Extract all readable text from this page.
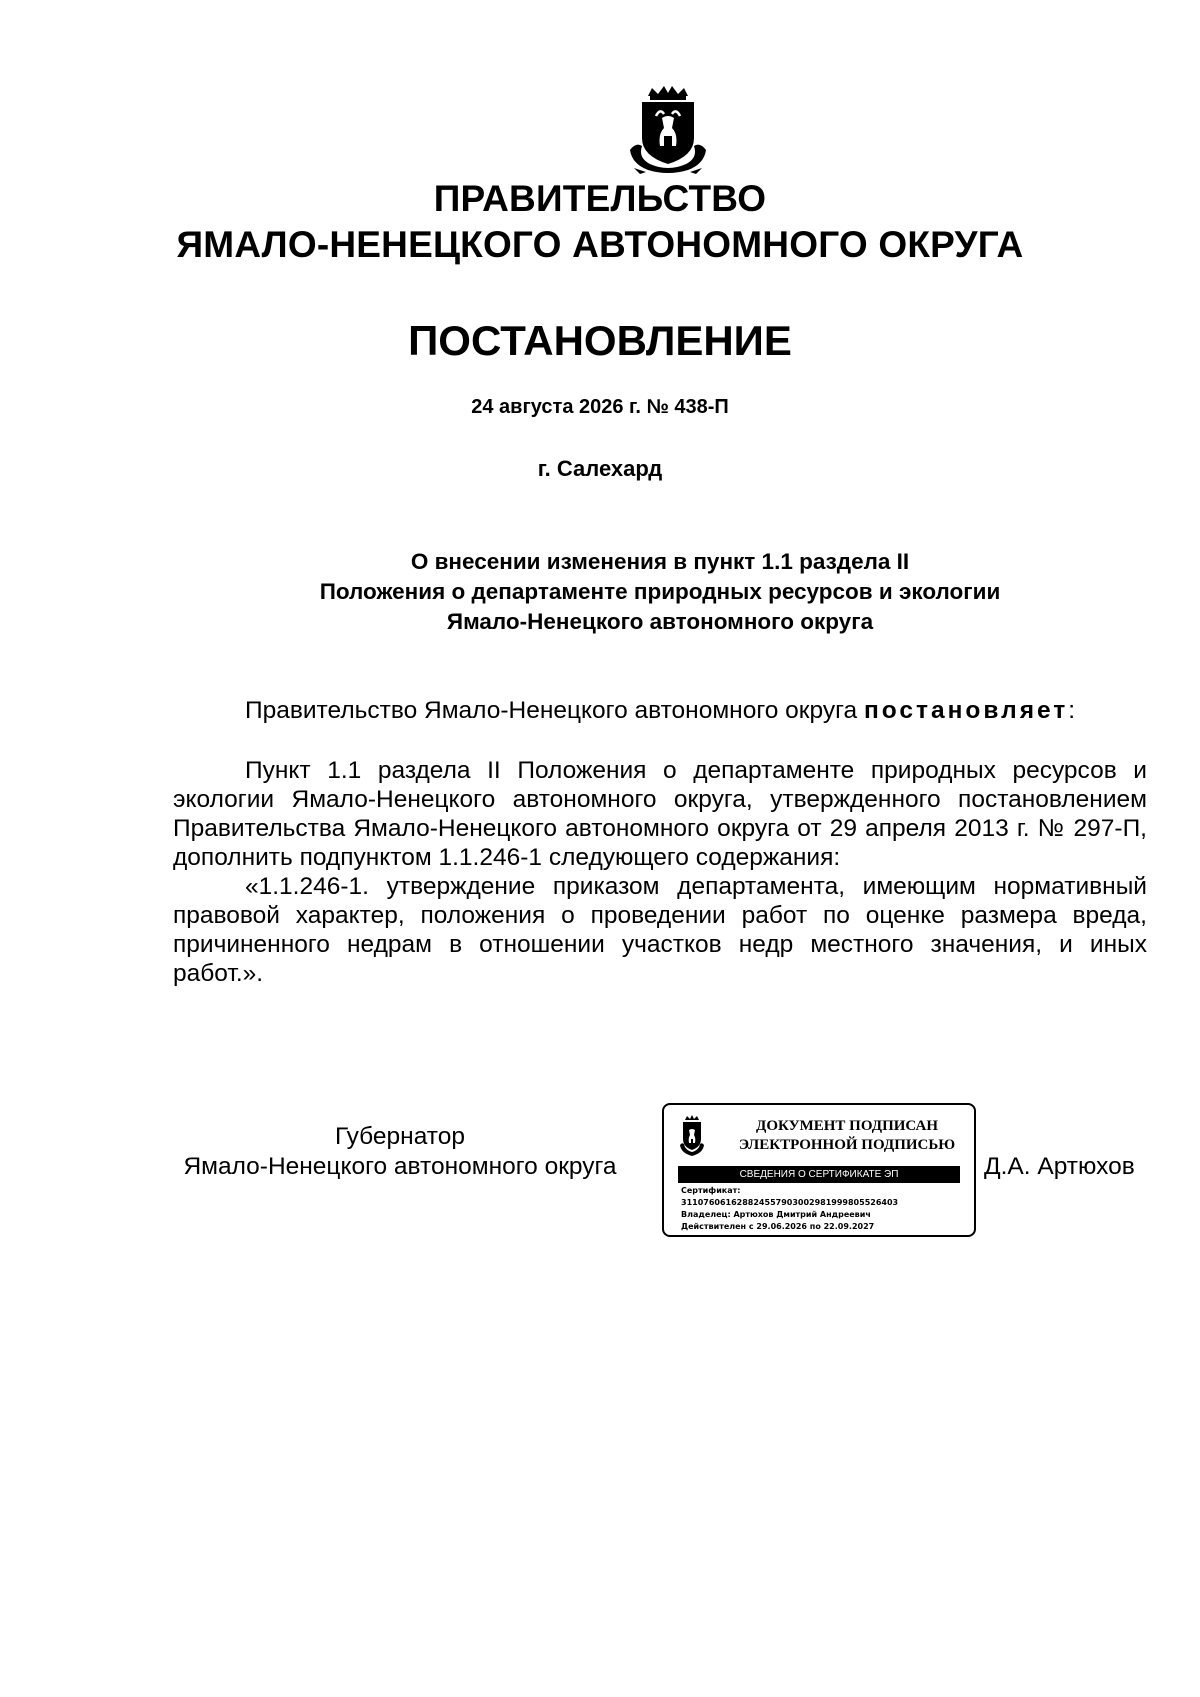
ПРАВИТЕЛЬСТВО
ЯМАЛО-НЕНЕЦКОГО АВТОНОМНОГО ОКРУГА
ПОСТАНОВЛЕНИЕ
24 августа 2026 г. № 438-П
г. Салехард
О внесении изменения в пункт 1.1 раздела II
Положения о департаменте природных ресурсов и экологии
Ямало-Ненецкого автономного округа
Правительство Ямало-Ненецкого автономного округа постановляет:
Пункт 1.1 раздела II Положения о департаменте природных ресурсов и экологии Ямало-Ненецкого автономного округа, утвержденного постановлением Правительства Ямало-Ненецкого автономного округа от 29 апреля 2013 г. № 297-П, дополнить подпунктом 1.1.246-1 следующего содержания:
«1.1.246-1. утверждение приказом департамента, имеющим нормативный правовой характер, положения о проведении работ по оценке размера вреда, причиненного недрам в отношении участков недр местного значения, и иных работ.».
Губернатор
Ямало-Ненецкого автономного округа
ДОКУМЕНТ ПОДПИСАН
ЭЛЕКТРОННОЙ ПОДПИСЬЮ
СВЕДЕНИЯ О СЕРТИФИКАТЕ ЭП
Сертификат:
311076061628824557903002981999805526403
Владелец: Артюхов Дмитрий Андреевич
Действителен с 29.06.2026 по 22.09.2027
Д.А. Артюхов
